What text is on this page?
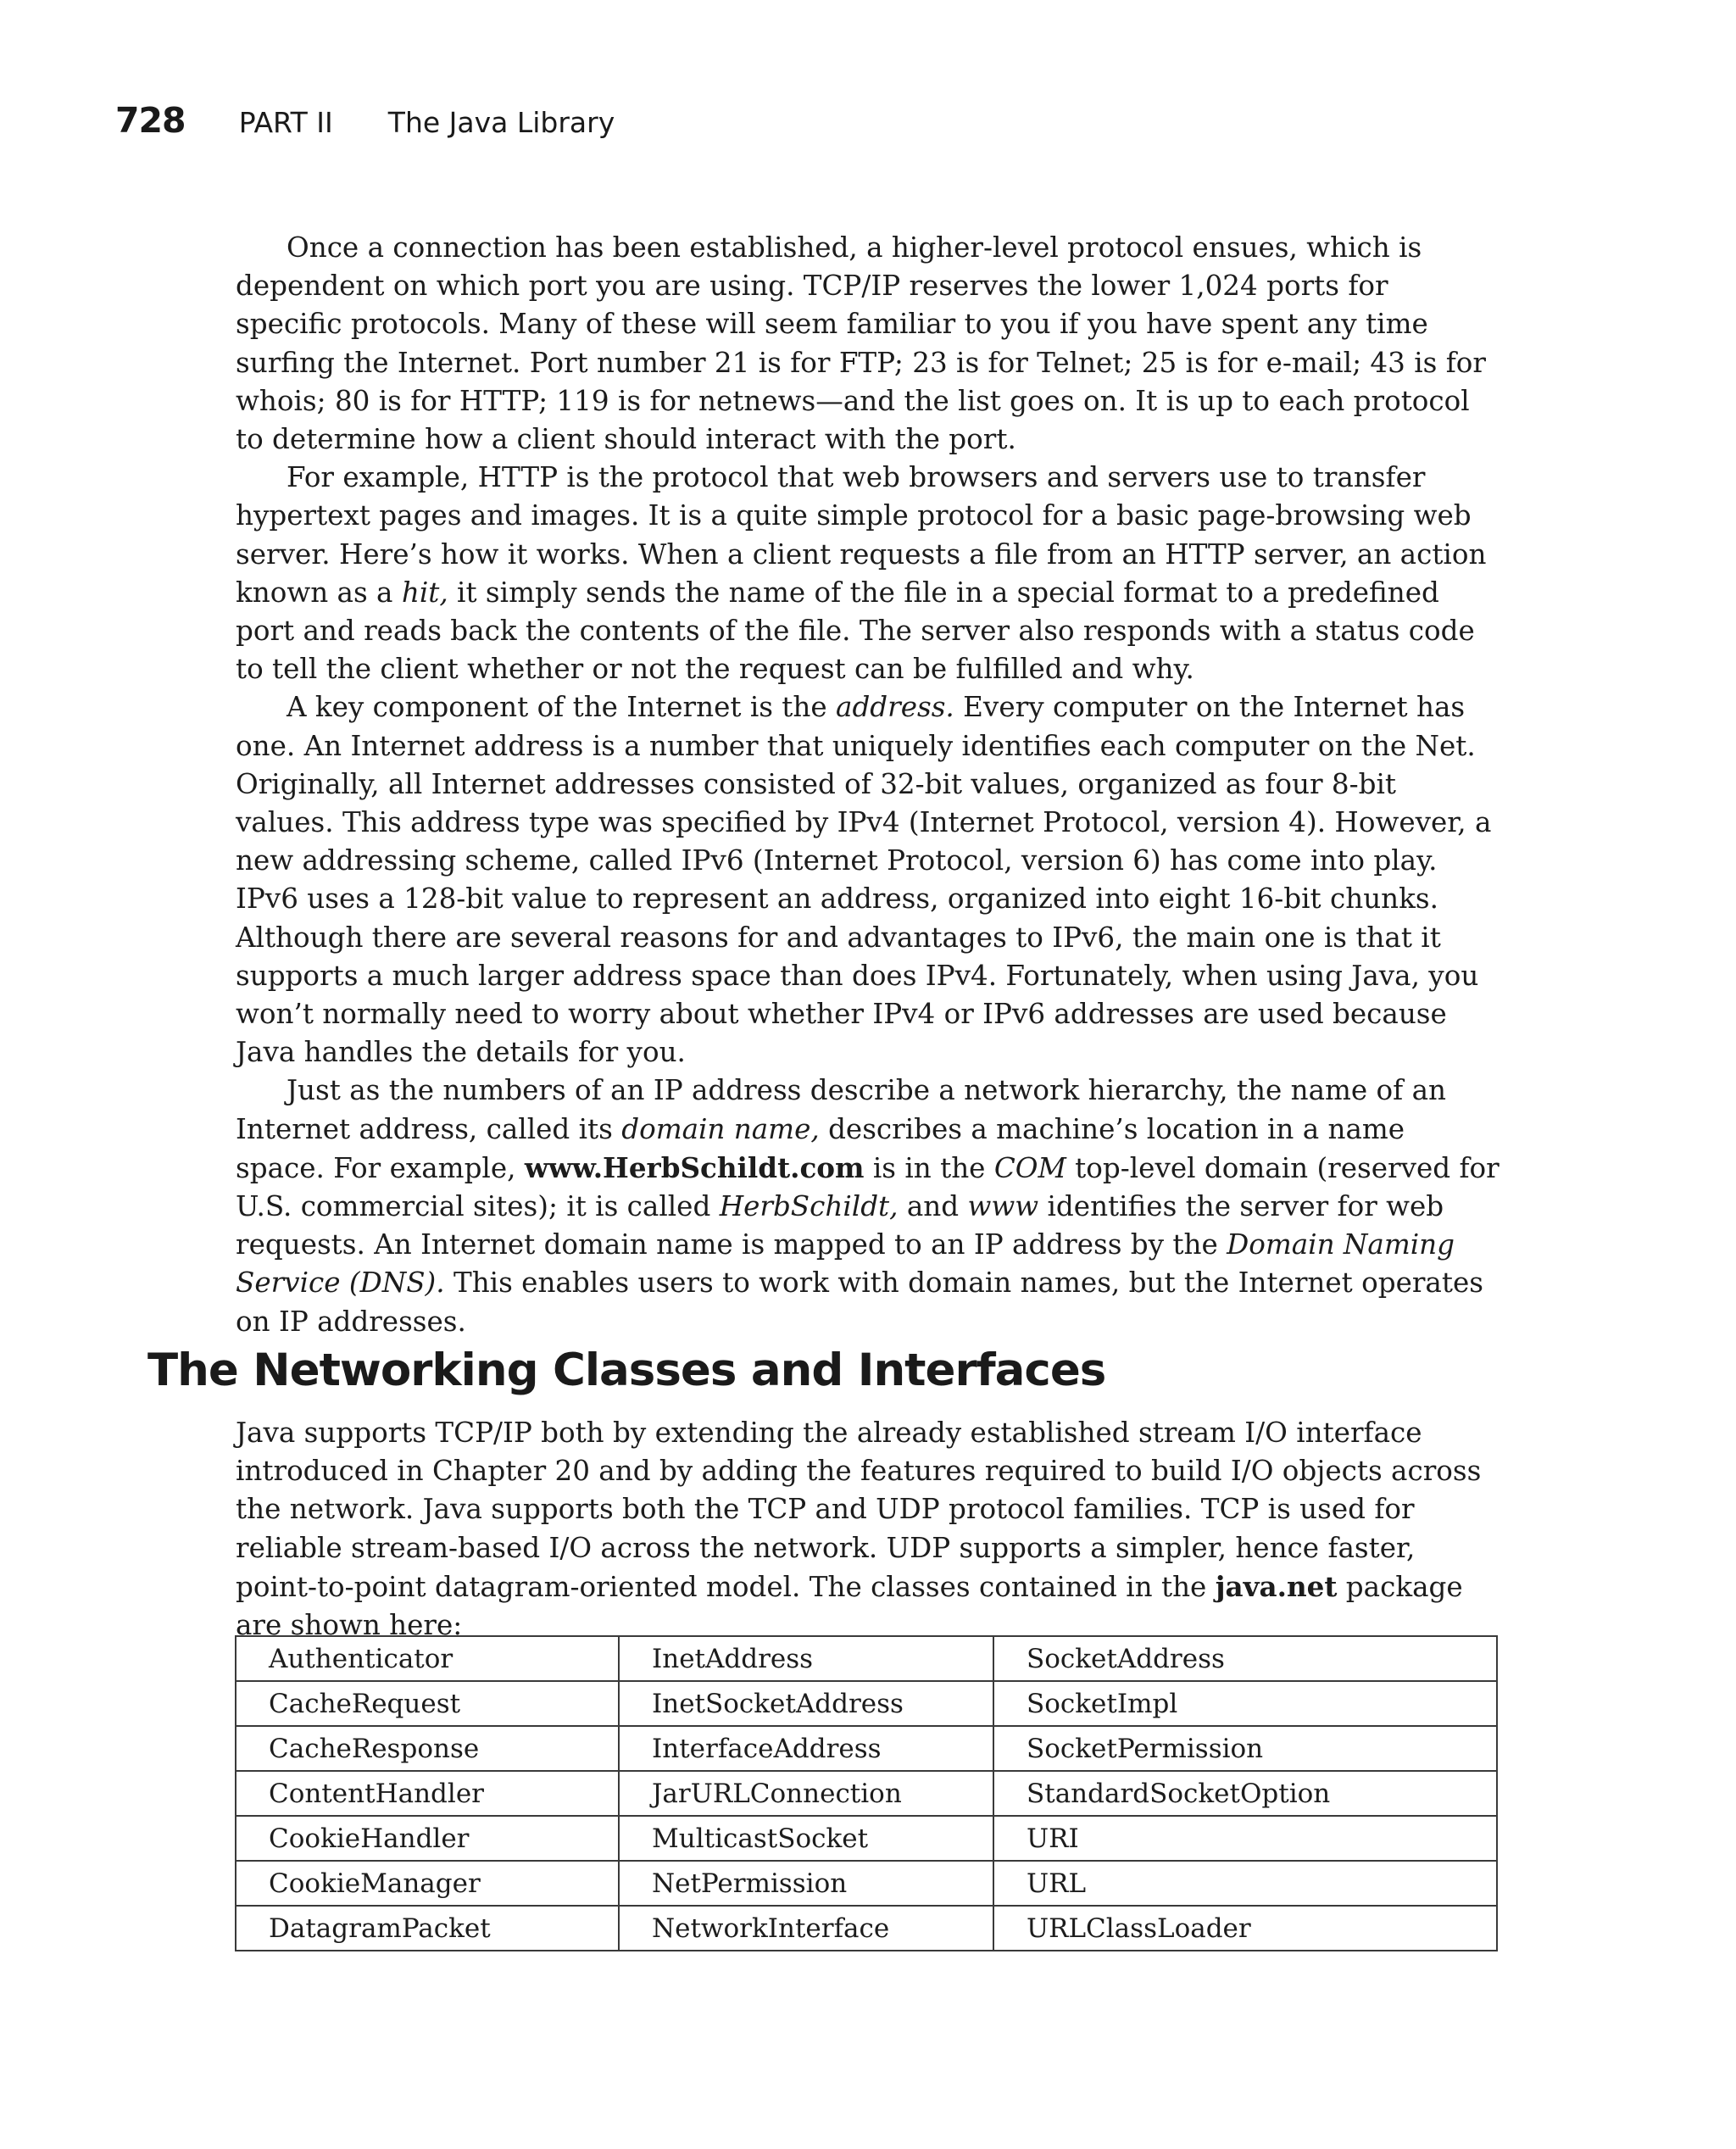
728 PART II The Java Library

Once a connection has been established, a higher-level protocol ensues, which is dependent on which port you are using. TCP/IP reserves the lower 1,024 ports for specific protocols. Many of these will seem familiar to you if you have spent any time surfing the Internet. Port number 21 is for FTP; 23 is for Telnet; 25 is for e-mail; 43 is for whois; 80 is for HTTP; 119 is for netnews—and the list goes on. It is up to each protocol to determine how a client should interact with the port.

For example, HTTP is the protocol that web browsers and servers use to transfer hypertext pages and images. It is a quite simple protocol for a basic page-browsing web server. Here’s how it works. When a client requests a file from an HTTP server, an action known as a hit, it simply sends the name of the file in a special format to a predefined port and reads back the contents of the file. The server also responds with a status code to tell the client whether or not the request can be fulfilled and why.

A key component of the Internet is the address. Every computer on the Internet has one. An Internet address is a number that uniquely identifies each computer on the Net. Originally, all Internet addresses consisted of 32-bit values, organized as four 8-bit values. This address type was specified by IPv4 (Internet Protocol, version 4). However, a new addressing scheme, called IPv6 (Internet Protocol, version 6) has come into play. IPv6 uses a 128-bit value to represent an address, organized into eight 16-bit chunks. Although there are several reasons for and advantages to IPv6, the main one is that it supports a much larger address space than does IPv4. Fortunately, when using Java, you won’t normally need to worry about whether IPv4 or IPv6 addresses are used because Java handles the details for you.

Just as the numbers of an IP address describe a network hierarchy, the name of an Internet address, called its domain name, describes a machine’s location in a name space. For example, www.HerbSchildt.com is in the COM top-level domain (reserved for U.S. commercial sites); it is called HerbSchildt, and www identifies the server for web requests. An Internet domain name is mapped to an IP address by the Domain Naming Service (DNS). This enables users to work with domain names, but the Internet operates on IP addresses.

The Networking Classes and Interfaces

Java supports TCP/IP both by extending the already established stream I/O interface introduced in Chapter 20 and by adding the features required to build I/O objects across the network. Java supports both the TCP and UDP protocol families. TCP is used for reliable stream-based I/O across the network. UDP supports a simpler, hence faster, point-to-point datagram-oriented model. The classes contained in the java.net package are shown here:

Authenticator	InetAddress	SocketAddress
CacheRequest	InetSocketAddress	SocketImpl
CacheResponse	InterfaceAddress	SocketPermission
ContentHandler	JarURLConnection	StandardSocketOption
CookieHandler	MulticastSocket	URI
CookieManager	NetPermission	URL
DatagramPacket	NetworkInterface	URLClassLoader
